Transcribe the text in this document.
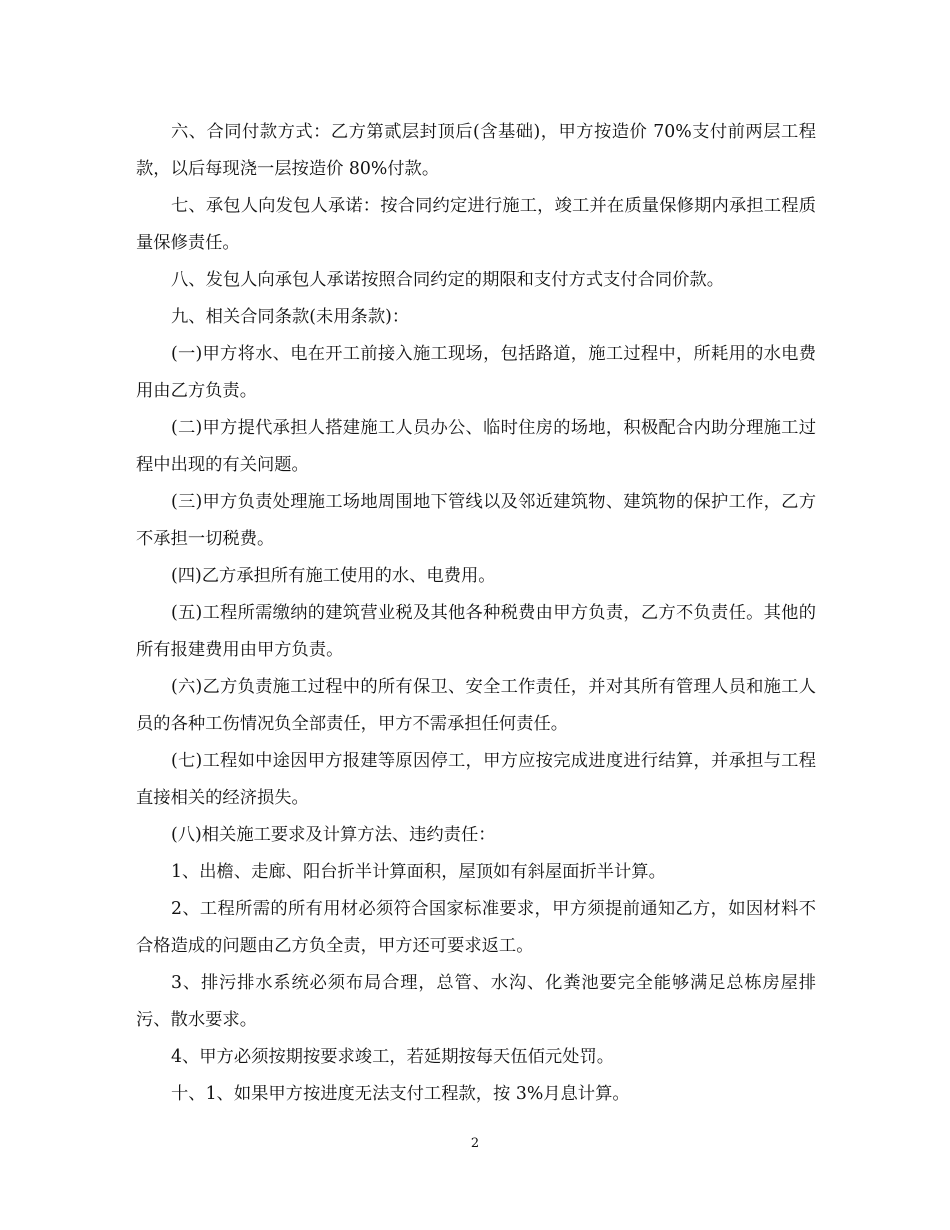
六、合同付款方式：乙方第贰层封顶后(含基础)，甲方按造价 70%支付前两层工程款，以后每现浇一层按造价 80%付款。

七、承包人向发包人承诺：按合同约定进行施工，竣工并在质量保修期内承担工程质量保修责任。

八、发包人向承包人承诺按照合同约定的期限和支付方式支付合同价款。

九、相关合同条款(未用条款)：

(一)甲方将水、电在开工前接入施工现场，包括路道，施工过程中，所耗用的水电费用由乙方负责。

(二)甲方提代承担人搭建施工人员办公、临时住房的场地，积极配合内助分理施工过程中出现的有关问题。

(三)甲方负责处理施工场地周围地下管线以及邻近建筑物、建筑物的保护工作，乙方不承担一切税费。

(四)乙方承担所有施工使用的水、电费用。

(五)工程所需缴纳的建筑营业税及其他各种税费由甲方负责，乙方不负责任。其他的所有报建费用由甲方负责。

(六)乙方负责施工过程中的所有保卫、安全工作责任，并对其所有管理人员和施工人员的各种工伤情况负全部责任，甲方不需承担任何责任。

(七)工程如中途因甲方报建等原因停工，甲方应按完成进度进行结算，并承担与工程直接相关的经济损失。

(八)相关施工要求及计算方法、违约责任：

1、出檐、走廊、阳台折半计算面积，屋顶如有斜屋面折半计算。

2、工程所需的所有用材必须符合国家标准要求，甲方须提前通知乙方，如因材料不合格造成的问题由乙方负全责，甲方还可要求返工。

3、排污排水系统必须布局合理，总管、水沟、化粪池要完全能够满足总栋房屋排污、散水要求。

4、甲方必须按期按要求竣工，若延期按每天伍佰元处罚。

十、1、如果甲方按进度无法支付工程款，按 3%月息计算。

2
